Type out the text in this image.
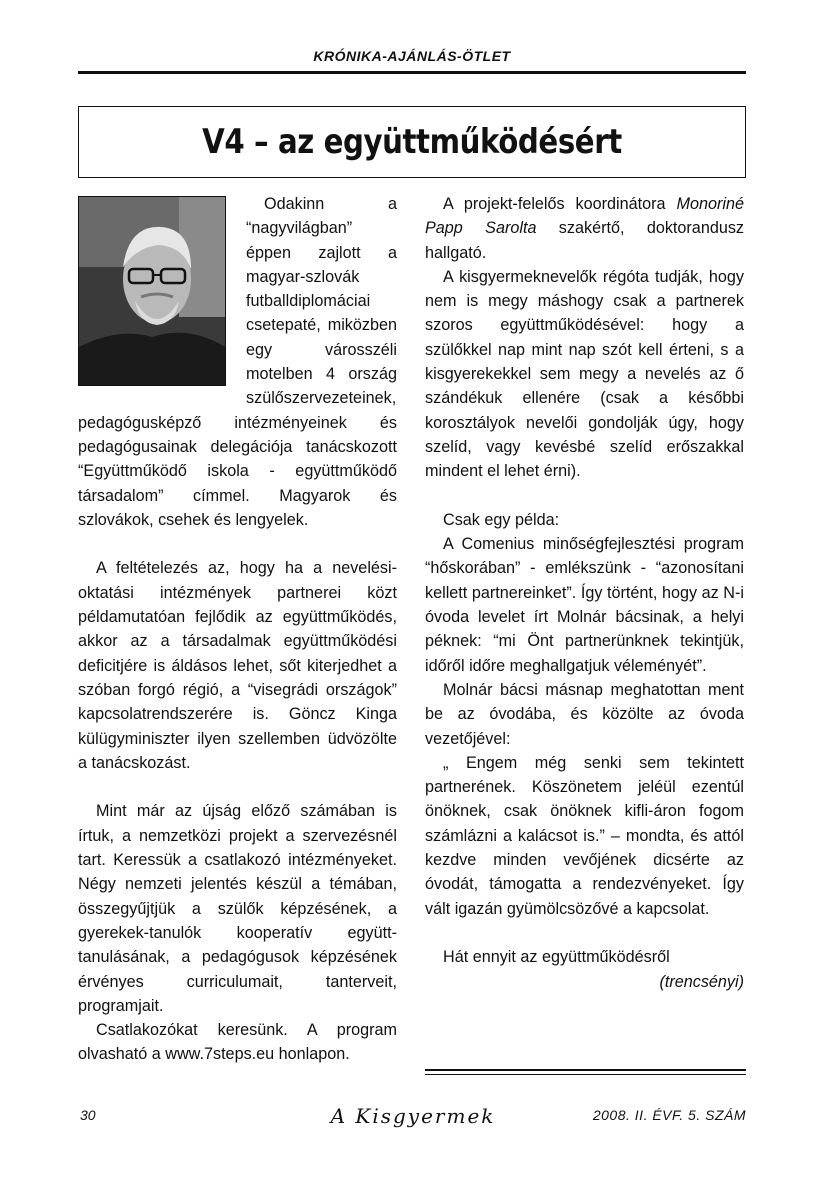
KRÓNIKA-AJÁNLÁS-ÖTLET
V4 – az együttműködésért

Odakinn a “nagyvilágban” éppen zajlott a magyar-szlovák futballdiplomáciai csetepaté, miközben egy városszéli motelben 4 ország szülőszervezeteinek, pedagógusképző intézményeinek és pedagógusainak delegációja tanácskozott “Együttműködő iskola - együttműködő társadalom” címmel. Magyarok és szlovákok, csehek és lengyelek.

A feltételezés az, hogy ha a nevelési-oktatási intézmények partnerei közt példamutatóan fejlődik az együttműködés, akkor az a társadalmak együttműködési deficitjére is áldásos lehet, sőt kiterjedhet a szóban forgó régió, a “visegrádi országok” kapcsolatrendszerére is. Göncz Kinga külügyminiszter ilyen szellemben üdvözölte a tanácskozást.

Mint már az újság előző számában is írtuk, a nemzetközi projekt a szervezésnél tart. Keressük a csatlakozó intézményeket. Négy nemzeti jelentés készül a témában, összegyűjtjük a szülők képzésének, a gyerekek-tanulók kooperatív együtt-tanulásának, a pedagógusok képzésének érvényes curriculumait, tanterveit, programjait.

Csatlakozókat keresünk. A program olvasható a www.7steps.eu honlapon.

A projekt-felelős koordinátora Monoriné Papp Sarolta szakértő, doktorandusz hallgató.

A kisgyermeknevelők régóta tudják, hogy nem is megy máshogy csak a partnerek szoros együttműködésével: hogy a szülőkkel nap mint nap szót kell érteni, s a kisgyerekekkel sem megy a nevelés az ő szándékuk ellenére (csak a későbbi korosztályok nevelői gondolják úgy, hogy szelíd, vagy kevésbé szelíd erőszakkal mindent el lehet érni).

Csak egy példa:

A Comenius minőségfejlesztési program “hőskorában” - emlékszünk - “azonosítani kellett partnereinket”. Így történt, hogy az N-i óvoda levelet írt Molnár bácsinak, a helyi péknek: “mi Önt partnerünknek tekintjük, időről időre meghallgatjuk véleményét”.

Molnár bácsi másnap meghatottan ment be az óvodába, és közölte az óvoda vezetőjével:

„ Engem még senki sem tekintett partnerének. Köszönetem jeléül ezentúl önöknek, csak önöknek kifli-áron fogom számlázni a kalácsot is.” – mondta, és attól kezdve minden vevőjének dicsérte az óvodát, támogatta a rendezvényeket. Így vált igazán gyümölcsözővé a kapcsolat.

Hát ennyit az együttműködésről

(trencsényi)

30	A Kisgyermek	2008. II. ÉVF. 5. SZÁM
